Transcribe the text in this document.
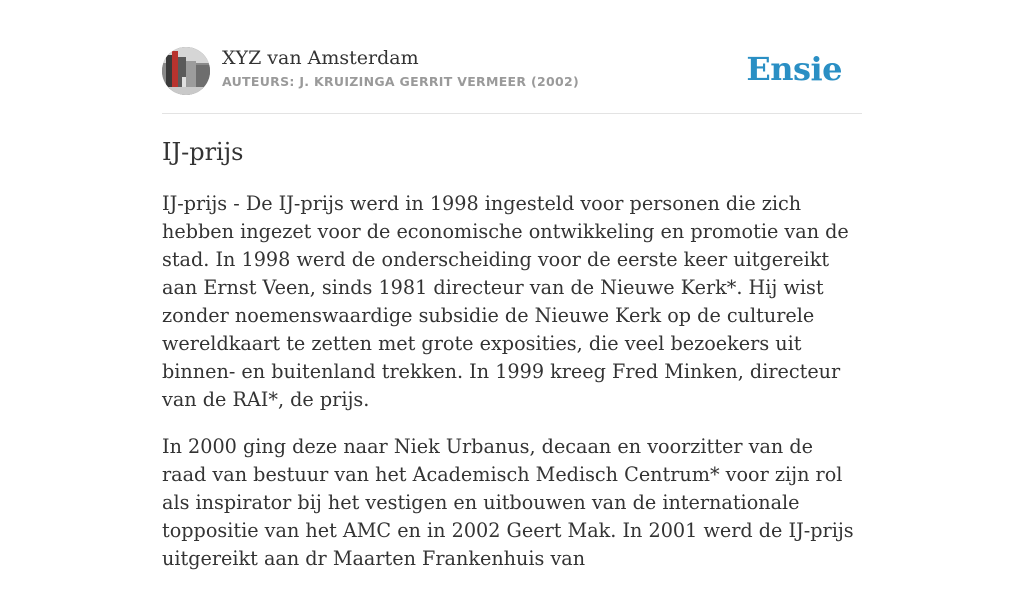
XYZ van Amsterdam
AUTEURS: J. KRUIZINGA GERRIT VERMEER (2002)	Ensie
IJ-prijs

IJ-prijs - De IJ-prijs werd in 1998 ingesteld voor personen die zich hebben ingezet voor de economische ontwikkeling en promotie van de stad. In 1998 werd de onderscheiding voor de eerste keer uitgereikt aan Ernst Veen, sinds 1981 directeur van de Nieuwe Kerk*. Hij wist zonder noemenswaardige subsidie de Nieuwe Kerk op de culturele wereldkaart te zetten met grote exposities, die veel bezoekers uit binnen- en buitenland trekken. In 1999 kreeg Fred Minken, directeur van de RAI*, de prijs.

In 2000 ging deze naar Niek Urbanus, decaan en voorzitter van de raad van bestuur van het Academisch Medisch Centrum* voor zijn rol als inspirator bij het vestigen en uitbouwen van de internationale toppositie van het AMC en in 2002 Geert Mak. In 2001 werd de IJ-prijs uitgereikt aan dr Maarten Frankenhuis van
